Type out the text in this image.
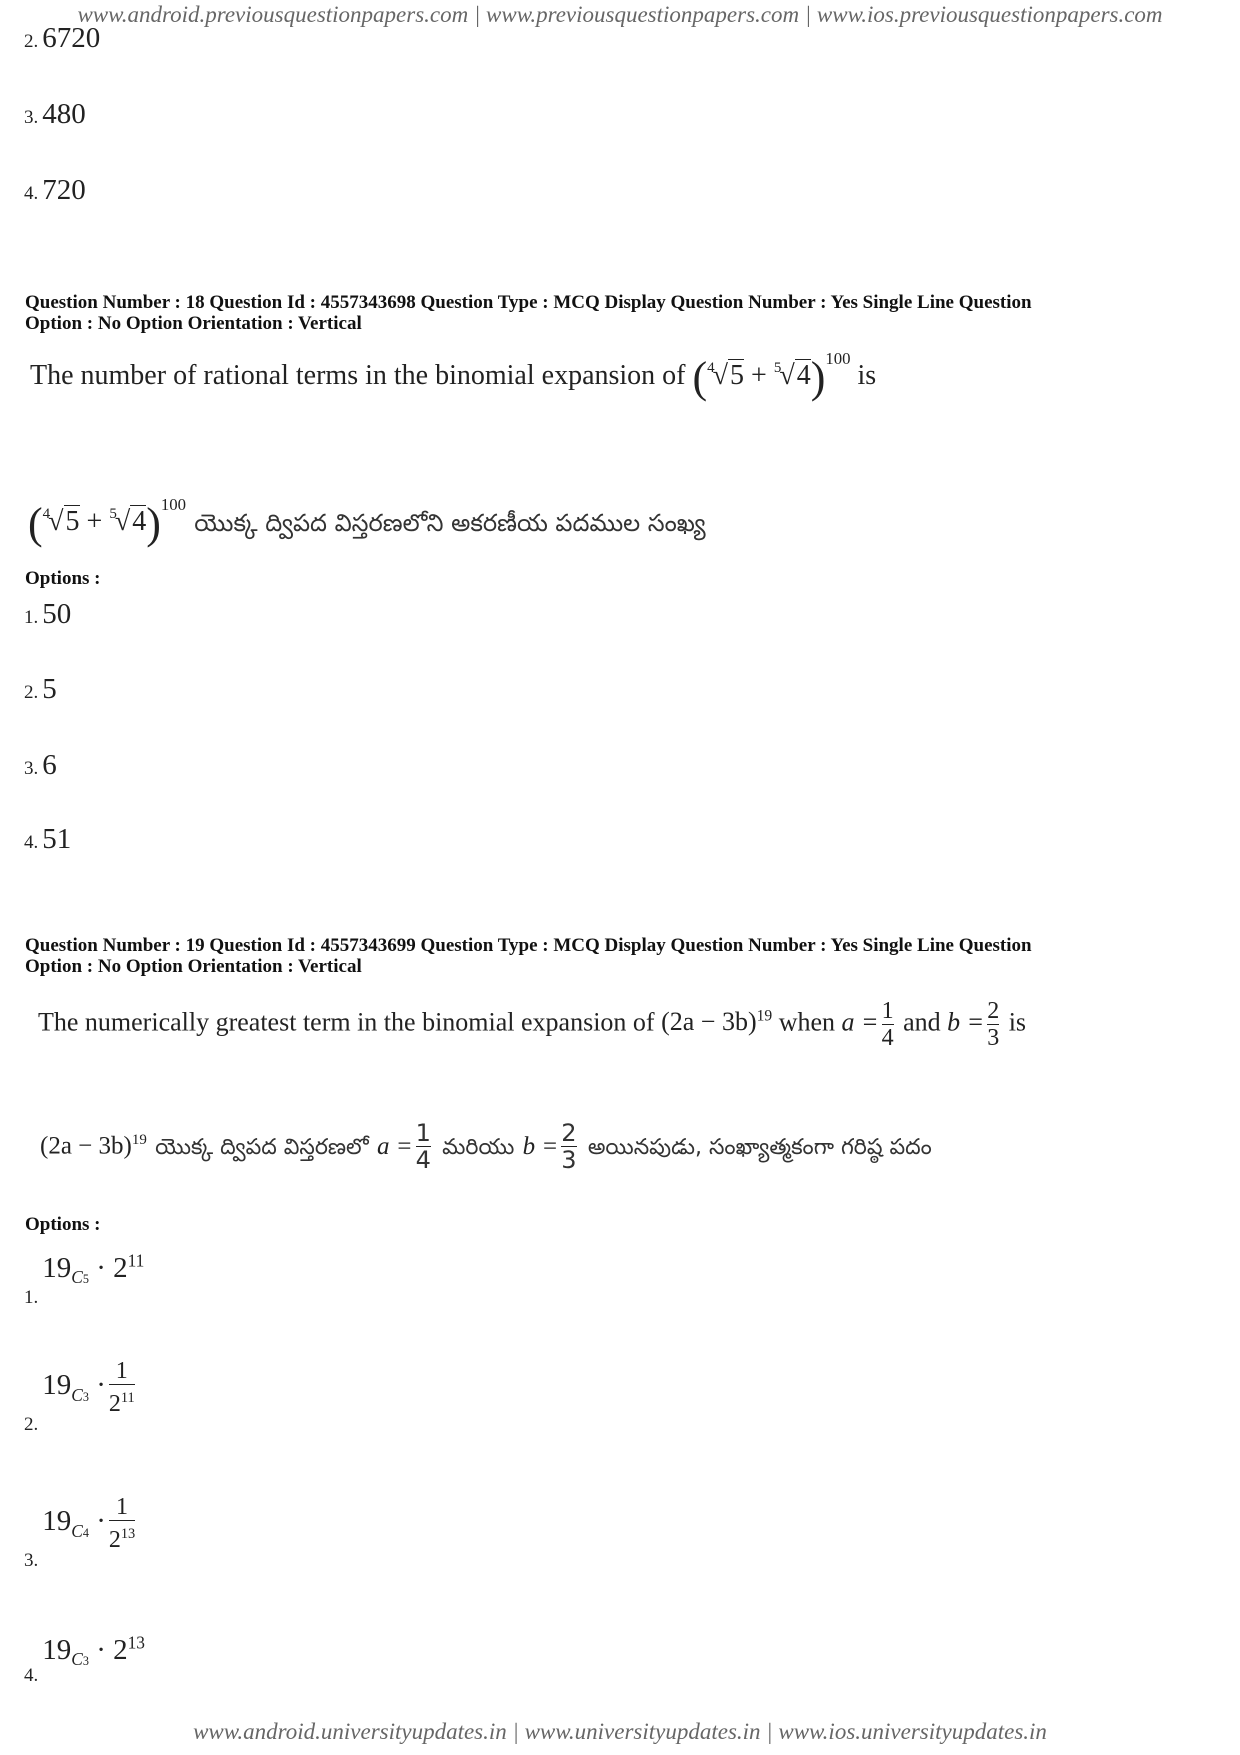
www.android.previousquestionpapers.com | www.previousquestionpapers.com | www.ios.previousquestionpapers.com
2. 6720
3. 480
4. 720
Question Number : 18 Question Id : 4557343698 Question Type : MCQ Display Question Number : Yes Single Line Question
Option : No Option Orientation : Vertical
The number of rational terms in the binomial expansion of $(^4√5 + ^5√4)^{100}$ is
$(^4√5 + ^5√4)^{100}$ యొక్క ద్విపద విస్తరణలోని అకరణీయ పదముల సంఖ్య
Options :
1. 50
2. 5
3. 6
4. 51
Question Number : 19 Question Id : 4557343699 Question Type : MCQ Display Question Number : Yes Single Line Question
Option : No Option Orientation : Vertical
The numerically greatest term in the binomial expansion of $(2a - 3b)^{19}$ when $a = \frac{1}{4}$ and $b = \frac{2}{3}$ is
$(2a - 3b)^{19}$ యొక్క ద్విపద విస్తరణలో $a = \frac{1}{4}$ మరియు $b = \frac{2}{3}$ అయినపుడు, సంఖ్యాత్మకంగా గరిష్ఠ పదం
Options :
1. $19_{C5} \cdot 2^{11}$
2. $19_{C3} \cdot \frac{1}{2^{11}}$
3. $19_{C4} \cdot \frac{1}{2^{13}}$
4. $19_{C3} \cdot 2^{13}$
www.android.universityupdates.in | www.universityupdates.in | www.ios.universityupdates.in
